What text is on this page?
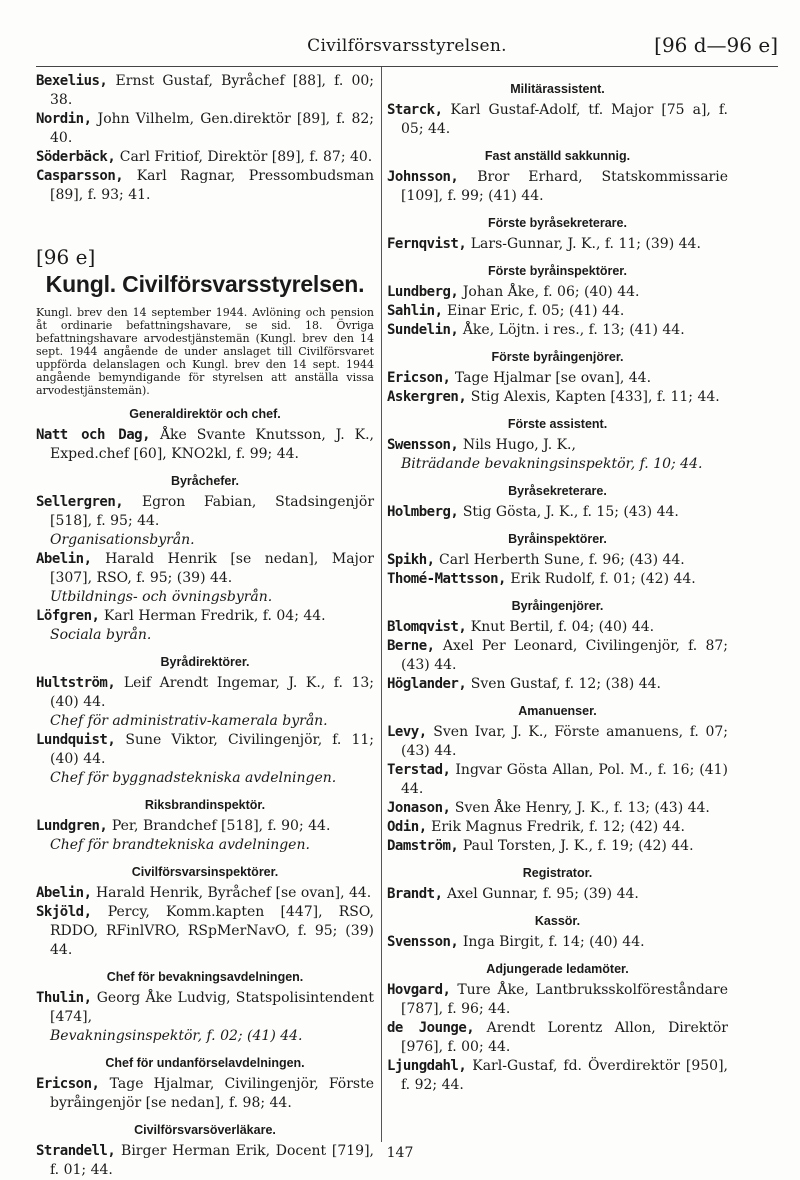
Civilförsvarsstyrelsen.	[96 d—96 e]
Bexelius, Ernst Gustaf, Byråchef [88], f. 00; 38.
Nordin, John Vilhelm, Gen.direktör [89], f. 82; 40.
Söderbäck, Carl Fritiof, Direktör [89], f. 87; 40.
Casparsson, Karl Ragnar, Pressombudsman [89], f. 93; 41.
[96 e]
Kungl. Civilförsvarsstyrelsen.
Kungl. brev den 14 september 1944. Avlöning och pension åt ordinarie befattningshavare, se sid. 18. Övriga befattningshavare arvodestjänstemän (Kungl. brev den 14 sept. 1944 angående de under anslaget till Civilförsvaret uppförda delanslagen och Kungl. brev den 14 sept. 1944 angående bemyndigande för styrelsen att anställa vissa arvodestjänstemän).
Generaldirektör och chef.
Natt och Dag, Åke Svante Knutsson, J. K., Exped.chef [60], KNO2kl, f. 99; 44.
Byråchefer.
Sellergren, Egron Fabian, Stadsingenjör [518], f. 95; 44.
Organisationsbyrån.
Abelin, Harald Henrik [se nedan], Major [307], RSO, f. 95; (39) 44.
Utbildnings- och övningsbyrån.
Löfgren, Karl Herman Fredrik, f. 04; 44.
Sociala byrån.
Byrådirektörer.
Hultström, Leif Arendt Ingemar, J. K., f. 13; (40) 44.
Chef för administrativ-kamerala byrån.
Lundquist, Sune Viktor, Civilingenjör, f. 11; (40) 44.
Chef för byggnadstekniska avdelningen.
Riksbrandinspektör.
Lundgren, Per, Brandchef [518], f. 90; 44.
Chef för brandtekniska avdelningen.
Civilförsvarsinspektörer.
Abelin, Harald Henrik, Byråchef [se ovan], 44.
Skjöld, Percy, Komm.kapten [447], RSO, RDDO, RFinlVRO, RSpMerNavO, f. 95; (39) 44.
Chef för bevakningsavdelningen.
Thulin, Georg Åke Ludvig, Statspolisintendent [474],
Bevakningsinspektör, f. 02; (41) 44.
Chef för undanförselavdelningen.
Ericson, Tage Hjalmar, Civilingenjör, Förste byråingenjör [se nedan], f. 98; 44.
Civilförsvarsöverläkare.
Strandell, Birger Herman Erik, Docent [719], f. 01; 44.
Militärassistent.
Starck, Karl Gustaf-Adolf, tf. Major [75 a], f. 05; 44.
Fast anställd sakkunnig.
Johnsson, Bror Erhard, Statskommissarie [109], f. 99; (41) 44.
Förste byråsekreterare.
Fernqvist, Lars-Gunnar, J. K., f. 11; (39) 44.
Förste byråinspektörer.
Lundberg, Johan Åke, f. 06; (40) 44.
Sahlin, Einar Eric, f. 05; (41) 44.
Sundelin, Åke, Löjtn. i res., f. 13; (41) 44.
Förste byråingenjörer.
Ericson, Tage Hjalmar [se ovan], 44.
Askergren, Stig Alexis, Kapten [433], f. 11; 44.
Förste assistent.
Swensson, Nils Hugo, J. K.,
Biträdande bevakningsinspektör, f. 10; 44.
Byråsekreterare.
Holmberg, Stig Gösta, J. K., f. 15; (43) 44.
Byråinspektörer.
Spikh, Carl Herberth Sune, f. 96; (43) 44.
Thomé-Mattsson, Erik Rudolf, f. 01; (42) 44.
Byråingenjörer.
Blomqvist, Knut Bertil, f. 04; (40) 44.
Berne, Axel Per Leonard, Civilingenjör, f. 87; (43) 44.
Höglander, Sven Gustaf, f. 12; (38) 44.
Amanuenser.
Levy, Sven Ivar, J. K., Förste amanuens, f. 07; (43) 44.
Terstad, Ingvar Gösta Allan, Pol. M., f. 16; (41) 44.
Jonason, Sven Åke Henry, J. K., f. 13; (43) 44.
Odin, Erik Magnus Fredrik, f. 12; (42) 44.
Damström, Paul Torsten, J. K., f. 19; (42) 44.
Registrator.
Brandt, Axel Gunnar, f. 95; (39) 44.
Kassör.
Svensson, Inga Birgit, f. 14; (40) 44.
Adjungerade ledamöter.
Hovgard, Ture Åke, Lantbruksskolföreståndare [787], f. 96; 44.
de Jounge, Arendt Lorentz Allon, Direktör [976], f. 00; 44.
Ljungdahl, Karl-Gustaf, fd. Överdirektör [950], f. 92; 44.
147
